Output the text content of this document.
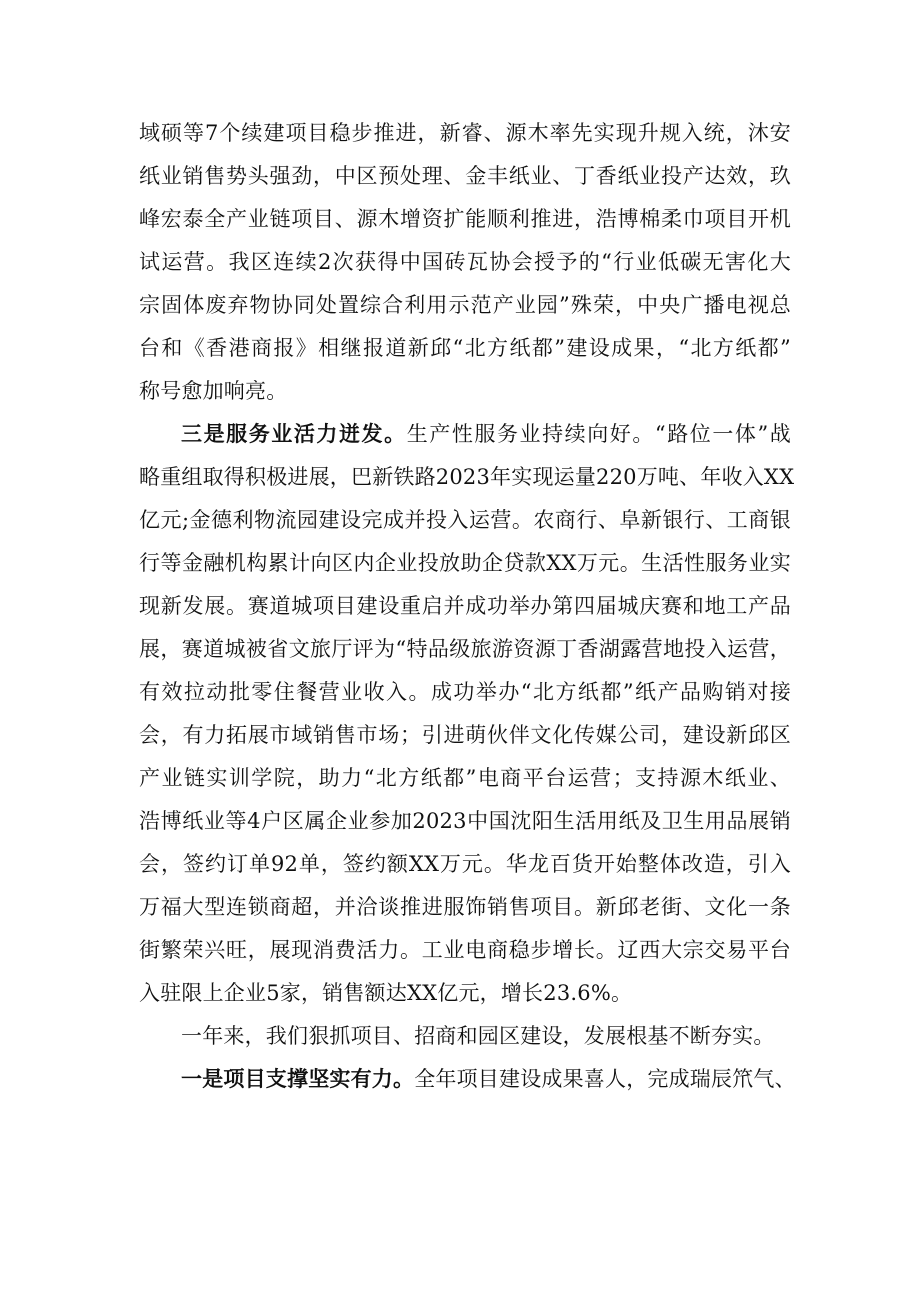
域硕等7个续建项目稳步推进，新睿、源木率先实现升规入统，沐安
纸业销售势头强劲，中区预处理、金丰纸业、丁香纸业投产达效，玖
峰宏泰全产业链项目、源木增资扩能顺利推进，浩博棉柔巾项目开机
试运营。我区连续2次获得中国砖瓦协会授予的“行业低碳无害化大
宗固体废弃物协同处置综合利用示范产业园”殊荣，中央广播电视总
台和《香港商报》相继报道新邱“北方纸都”建设成果，“北方纸都”
称号愈加响亮。
三是服务业活力迸发。生产性服务业持续向好。“路位一体”战
略重组取得积极进展，巴新铁路2023年实现运量220万吨、年收入XX
亿元;金德利物流园建设完成并投入运营。农商行、阜新银行、工商银
行等金融机构累计向区内企业投放助企贷款XX万元。生活性服务业实
现新发展。赛道城项目建设重启并成功举办第四届城庆赛和地工产品
展，赛道城被省文旅厅评为“特品级旅游资源丁香湖露营地投入运营，
有效拉动批零住餐营业收入。成功举办“北方纸都”纸产品购销对接
会，有力拓展市域销售市场；引进萌伙伴文化传媒公司，建设新邱区
产业链实训学院，助力“北方纸都”电商平台运营；支持源木纸业、
浩博纸业等4户区属企业参加2023中国沈阳生活用纸及卫生用品展销
会，签约订单92单，签约额XX万元。华龙百货开始整体改造，引入
万福大型连锁商超，并洽谈推进服饰销售项目。新邱老街、文化一条
街繁荣兴旺，展现消费活力。工业电商稳步增长。辽西大宗交易平台
入驻限上企业5家，销售额达XX亿元，增长23.6%。
一年来，我们狠抓项目、招商和园区建设，发展根基不断夯实。
一是项目支撑坚实有力。全年项目建设成果喜人，完成瑞辰笊气、
